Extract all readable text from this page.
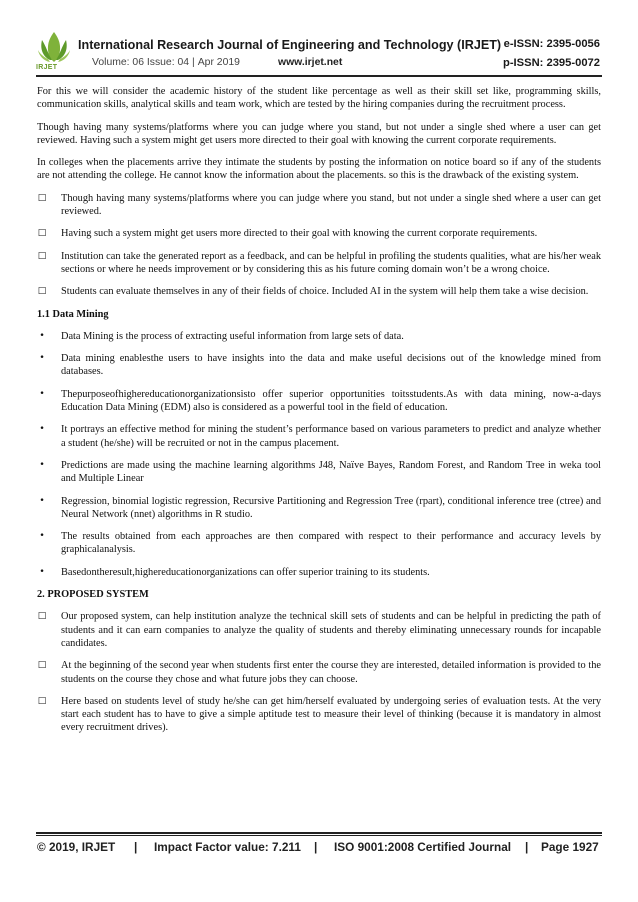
IRJET
International Research Journal of Engineering and Technology (IRJET) e-ISSN: 2395-0056
Volume: 06 Issue: 04 | Apr 2019	www.irjet.net	p-ISSN: 2395-0072

For this we will consider the academic history of the student like percentage as well as their skill set like, programming skills, communication skills, analytical skills and team work, which are tested by the hiring companies during the recruitment process.

Though having many systems/platforms where you can judge where you stand, but not under a single shed where a user can get reviewed. Having such a system might get users more directed to their goal with knowing the current corporate requirements.

In colleges when the placements arrive they intimate the students by posting the information on notice board so if any of the students are not attending the college. He cannot know the information about the placements. so this is the drawback of the existing system.

□ Though having many systems/platforms where you can judge where you stand, but not under a single shed where a user can get reviewed.
□ Having such a system might get users more directed to their goal with knowing the current corporate requirements.
□ Institution can take the generated report as a feedback, and can be helpful in profiling the students qualities, what are his/her weak sections or where he needs improvement or by considering this as his future coming domain won’t be a wrong choice.
□ Students can evaluate themselves in any of their fields of choice. Included AI in the system will help them take a wise decision.
1.1 Data Mining
• Data Mining is the process of extracting useful information from large sets of data.
• Data mining enablesthe users to have insights into the data and make useful decisions out of the knowledge mined from databases.
• Thepurposeofhighereducationorganizationsisto offer superior opportunities toitsstudents.As with data mining, now-a-days Education Data Mining (EDM) also is considered as a powerful tool in the field of education.
• It portrays an effective method for mining the student’s performance based on various parameters to predict and analyze whether a student (he/she) will be recruited or not in the campus placement.
• Predictions are made using the machine learning algorithms J48, Naïve Bayes, Random Forest, and Random Tree in weka tool and Multiple Linear
• Regression, binomial logistic regression, Recursive Partitioning and Regression Tree (rpart), conditional inference tree (ctree) and Neural Network (nnet) algorithms in R studio.
• The results obtained from each approaches are then compared with respect to their performance and accuracy levels by graphicalanalysis.
• Basedontheresult,highereducationorganizations can offer superior training to its students.
2. PROPOSED SYSTEM
□ Our proposed system, can help institution analyze the technical skill sets of students and can be helpful in predicting the path of students and it can earn companies to analyze the quality of students and thereby eliminating unnecessary rounds for incapable candidates.
□ At the beginning of the second year when students first enter the course they are interested, detailed information is provided to the students on the course they chose and what future jobs they can choose.
□ Here based on students level of study he/she can get him/herself evaluated by undergoing series of evaluation tests. At the very start each student has to have to give a simple aptitude test to measure their level of thinking (because it is mandatory in almost every recruitment drives).
© 2019, IRJET | Impact Factor value: 7.211 | ISO 9001:2008 Certified Journal | Page 1927
